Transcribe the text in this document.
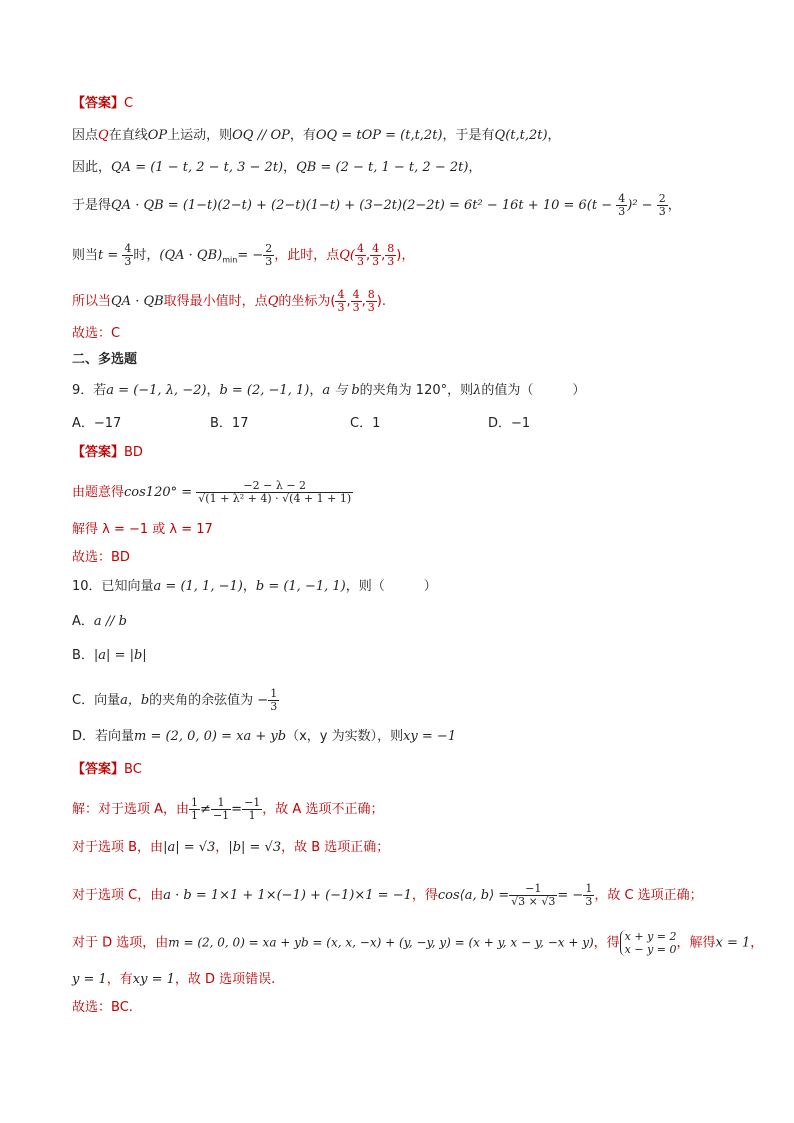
【答案】C
因点Q在直线OP上运动，则OQ // OP，有OQ = tOP = (t,t,2t)，于是有Q(t,t,2t)，
因此，QA = (1 − t, 2 − t, 3 − 2t)，QB = (2 − t, 1 − t, 2 − 2t)，
于是得QA · QB = $(1-t)(2-t) + (2-t)(1-t) + (3-2t)(2-2t) = 6t^2 - 16t + 10 = 6(t - \frac{4}{3} )^2 - \frac{2}{3}$ ，
则当$t = \frac{4}{3}$ 时，$(QA \cdot QB)_{min}= - \frac{2}{3}$ ，此时，点$Q( \frac{4}{3}$ , $\frac{4}{3}$ , $\frac{8}{3}$ )，
所以当QA · QB取得最小值时，点Q的坐标为( $\frac{4}{3}$ , $\frac{4}{3}$ , $\frac{8}{3}$ ).
故选：C
二、多选题
9．若a = (−1, λ, −2)，b = (2, −1, 1)，a 与 b的夹角为 120°，则λ的值为（　　　）
A．−17	B．17	C．1	D．−1
【答案】BD
由题意得$\cos 120^\circ = \frac{-2 - \lambda - 2}{\text{√(1 + λ² + 4) · √(4 + 1 + 1)}}$
解得 λ = −1 或 λ = 17
故选：BD
10．已知向量a = (1, 1, −1)，b = (1, −1, 1)，则（　　　）
A．a // b
B．|a| = |b|
C．向量a，b的夹角的余弦值为 − $\frac{1}{3}$
D．若向量m = (2, 0, 0) = xa + yb（x，y 为实数），则xy = −1
【答案】BC
解：对于选项 A，由 $\frac{1}{1} \ne \frac{1}{-1} = \frac{-1}{1}$ ，故 A 选项不正确；
对于选项 B，由|a| = √3，|b| = √3，故 B 选项正确；
对于选项 C，由a · b = 1×1 + 1×(−1) + (−1)×1 = −1，得cos⟨a, b⟩ = $\frac{-1}{√3 \times √3}$ = − $\frac{1}{3}$ ，故 C 选项正确；
对于 D 选项，由m = (2, 0, 0) = xa + yb = (x, x, −x) + (y, −y, y) = (x + y, x − y, −x + y)，得 x + y = 2
x − y = 0 ，解得x = 1，
y = 1，有xy = 1，故 D 选项错误.
故选：BC.
